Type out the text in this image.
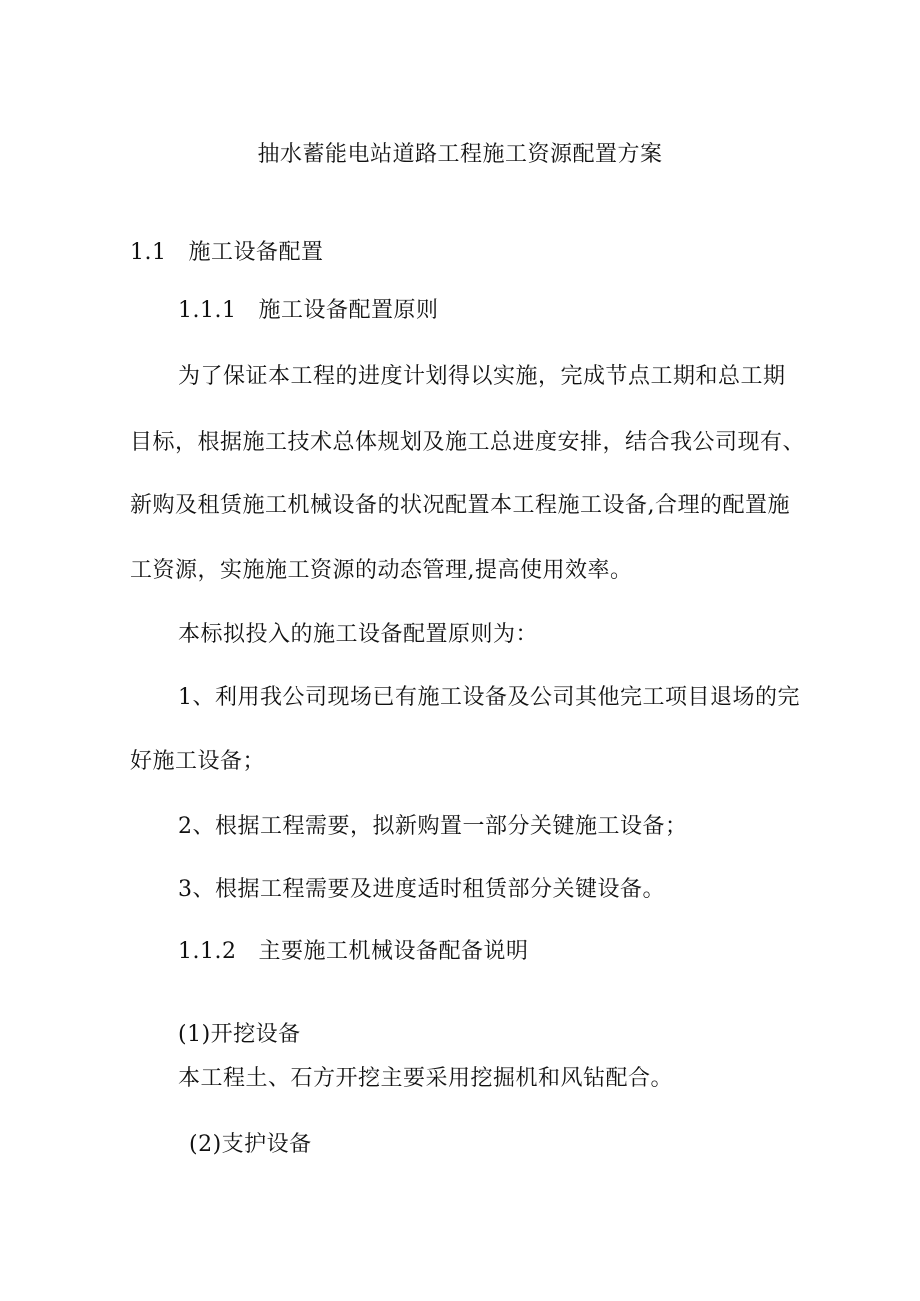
抽水蓄能电站道路工程施工资源配置方案
1.1 施工设备配置
1.1.1 施工设备配置原则
为了保证本工程的进度计划得以实施，完成节点工期和总工期
目标，根据施工技术总体规划及施工总进度安排，结合我公司现有、
新购及租赁施工机械设备的状况配置本工程施工设备,合理的配置施
工资源，实施施工资源的动态管理,提高使用效率。
本标拟投入的施工设备配置原则为：
1、利用我公司现场已有施工设备及公司其他完工项目退场的完
好施工设备；
2、根据工程需要，拟新购置一部分关键施工设备；
3、根据工程需要及进度适时租赁部分关键设备。
1.1.2 主要施工机械设备配备说明
(1)开挖设备
本工程土、石方开挖主要采用挖掘机和风钻配合。
(2)支护设备
